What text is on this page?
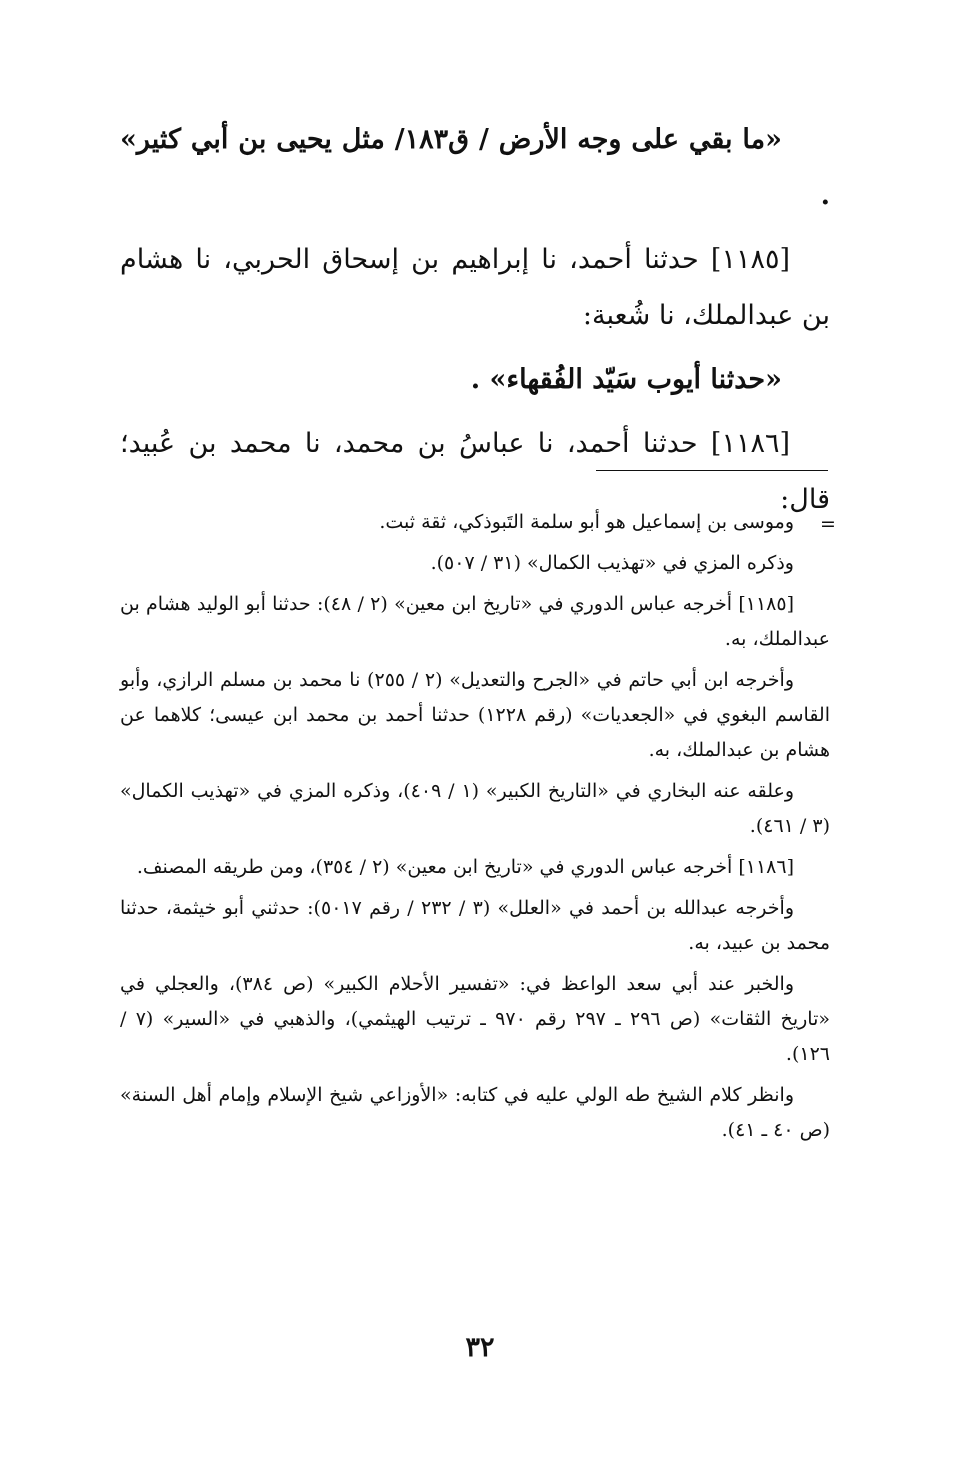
«ما بقي على وجه الأرض / ق١٨٣/ مثل يحيى بن أبي كثير» .

[١١٨٥] حدثنا أحمد، نا إبراهيم بن إسحاق الحربي، نا هشام بن عبدالملك، نا شُعبة:

«حدثنا أيوب سَيّد الفُقهاء» .

[١١٨٦] حدثنا أحمد، نا عباسُ بن محمد، نا محمد بن عُبيد؛ قال:

=

وموسى بن إسماعيل هو أبو سلمة التَبوذكي، ثقة ثبت.

وذكره المزي في «تهذيب الكمال» (٣١ / ٥٠٧).

[١١٨٥] أخرجه عباس الدوري في «تاريخ ابن معين» (٢ / ٤٨): حدثنا أبو الوليد هشام بن عبدالملك، به.

وأخرجه ابن أبي حاتم في «الجرح والتعديل» (٢ / ٢٥٥) نا محمد بن مسلم الرازي، وأبو القاسم البغوي في «الجعديات» (رقم ١٢٢٨) حدثنا أحمد بن محمد ابن عيسى؛ كلاهما عن هشام بن عبدالملك، به.

وعلقه عنه البخاري في «التاريخ الكبير» (١ / ٤٠٩)، وذكره المزي في «تهذيب الكمال» (٣ / ٤٦١).

[١١٨٦] أخرجه عباس الدوري في «تاريخ ابن معين» (٢ / ٣٥٤)، ومن طريقه المصنف.

وأخرجه عبدالله بن أحمد في «العلل» (٣ / ٢٣٢ / رقم ٥٠١٧): حدثني أبو خيثمة، حدثنا محمد بن عبيد، به.

والخبر عند أبي سعد الواعظ في: «تفسير الأحلام الكبير» (ص ٣٨٤)، والعجلي في «تاريخ الثقات» (ص ٢٩٦ ـ ٢٩٧ رقم ٩٧٠ ـ ترتيب الهيثمي)، والذهبي في «السير» (٧ / ١٢٦).

وانظر كلام الشيخ طه الولي عليه في كتابه: «الأوزاعي شيخ الإسلام وإمام أهل السنة» (ص ٤٠ ـ ٤١).

٣٢
